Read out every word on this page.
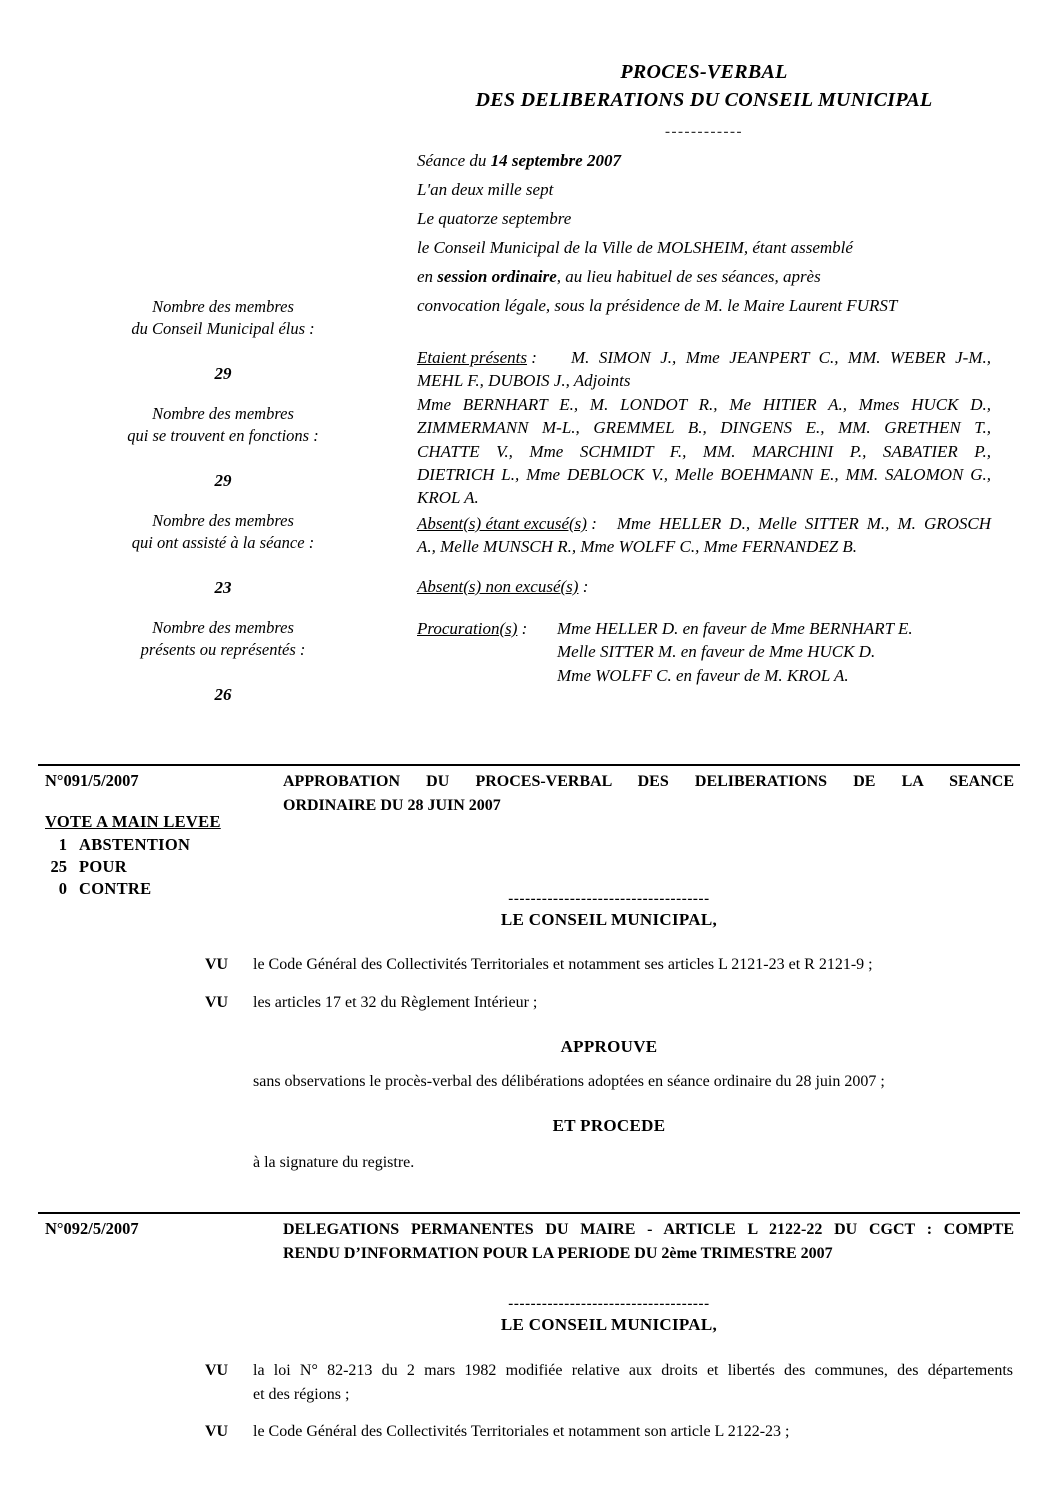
PROCES-VERBAL
DES DELIBERATIONS DU CONSEIL MUNICIPAL
------------
Séance du 14 septembre 2007
L'an deux mille sept
Le quatorze septembre
le Conseil Municipal de la Ville de MOLSHEIM, étant assemblé
en session ordinaire, au lieu habituel de ses séances, après
convocation légale, sous la présidence de M. le Maire Laurent FURST
Nombre des membres
du Conseil Municipal élus :
29
Nombre des membres
qui se trouvent en fonctions :
29
Nombre des membres
qui ont assisté à la séance :
23
Nombre des membres
présents ou représentés :
26
Etaient présents : M. SIMON J., Mme JEANPERT C., MM. WEBER J-M.,
MEHL F., DUBOIS J., Adjoints
Mme BERNHART E., M. LONDOT R., Me HITIER A., Mmes HUCK D.,
ZIMMERMANN M-L., GREMMEL B., DINGENS E., MM. GRETHEN T.,
CHATTE V., Mme SCHMIDT F., MM. MARCHINI P., SABATIER P.,
DIETRICH L., Mme DEBLOCK V., Melle BOEHMANN E., MM. SALOMON G.,
KROL A.
Absent(s) étant excusé(s) : Mme HELLER D., Melle SITTER M., M. GROSCH
A., Melle MUNSCH R., Mme WOLFF C., Mme FERNANDEZ B.
Absent(s) non excusé(s) :
Procuration(s) :	Mme HELLER D. en faveur de Mme BERNHART E.
Melle SITTER M. en faveur de Mme HUCK D.
Mme WOLFF C. en faveur de M. KROL A.
N°091/5/2007	APPROBATION DU PROCES-VERBAL DES DELIBERATIONS DE LA SEANCE
ORDINAIRE DU 28 JUIN 2007
VOTE A MAIN LEVEE
1 ABSTENTION
25 POUR
0 CONTRE
------------------------------------
LE CONSEIL MUNICIPAL,
VU	le Code Général des Collectivités Territoriales et notamment ses articles L 2121-23 et R 2121-9 ;
VU	les articles 17 et 32 du Règlement Intérieur ;
APPROUVE
sans observations le procès-verbal des délibérations adoptées en séance ordinaire du 28 juin 2007 ;
ET PROCEDE
à la signature du registre.
N°092/5/2007	DELEGATIONS PERMANENTES DU MAIRE - ARTICLE L 2122-22 DU CGCT : COMPTE
RENDU D’INFORMATION POUR LA PERIODE DU 2ème TRIMESTRE 2007
------------------------------------
LE CONSEIL MUNICIPAL,
VU	la loi N° 82-213 du 2 mars 1982 modifiée relative aux droits et libertés des communes, des départements
et des régions ;
VU	le Code Général des Collectivités Territoriales et notamment son article L 2122-23 ;
